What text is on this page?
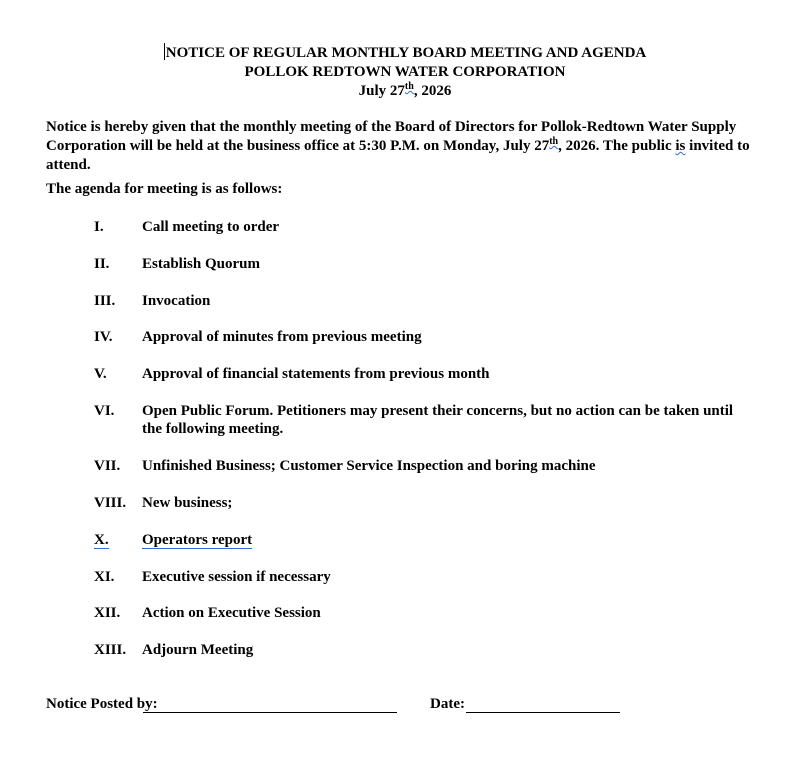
NOTICE OF REGULAR MONTHLY BOARD MEETING AND AGENDA
POLLOK REDTOWN WATER CORPORATION
July 27th, 2026
Notice is hereby given that the monthly meeting of the Board of Directors for Pollok-Redtown Water Supply Corporation will be held at the business office at 5:30 P.M. on Monday, July 27th, 2026. The public is invited to attend.
The agenda for meeting is as follows:
I.	Call meeting to order
II.	Establish Quorum
III.	Invocation
IV.	Approval of minutes from previous meeting
V.	Approval of financial statements from previous month
VI.	Open Public Forum. Petitioners may present their concerns, but no action can be taken until the following meeting.
VII.	Unfinished Business; Customer Service Inspection and boring machine
VIII.	New business;
X.	Operators report
XI.	Executive session if necessary
XII.	Action on Executive Session
XIII.	Adjourn Meeting
Notice Posted by:	Date:
